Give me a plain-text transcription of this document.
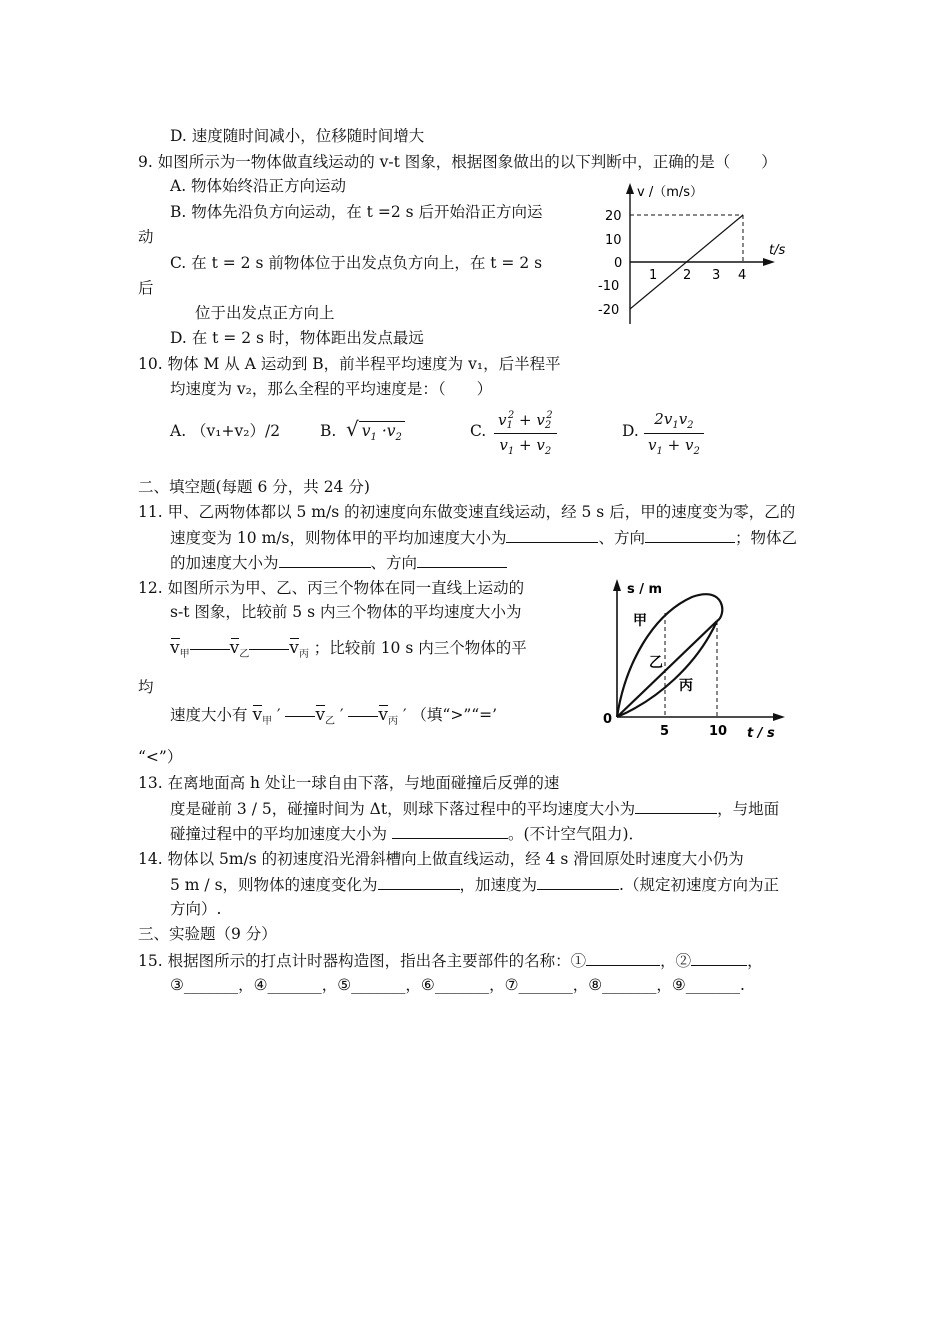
D. 速度随时间减小，位移随时间增大
9. 如图所示为一物体做直线运动的 v-t 图象，根据图象做出的以下判断中，正确的是（　　）
A. 物体始终沿正方向运动
B. 物体先沿负方向运动，在 t =2 s 后开始沿正方向运
动
C. 在 t = 2 s 前物体位于出发点负方向上，在 t = 2 s
后
位于出发点正方向上
D. 在 t = 2 s 时，物体距出发点最远
v /（m/s）
t/s
20
10
0
-10
-20
1 2 3 4
10. 物体 M 从 A 运动到 B，前半程平均速度为 v₁，后半程平
均速度为 v₂，那么全程的平均速度是：（　　）
A. （v₁+v₂）/2	B. √ $v_1 \cdot v_2$	C. $\frac{v_1^2 + v_2^2}{v_1 + v_2}$	D. $\frac{2v_1v_2}{v_1 + v_2}$
二、填空题(每题 6 分，共 24 分)
11. 甲、乙两物体都以 5 m/s 的初速度向东做变速直线运动，经 5 s 后，甲的速度变为零，乙的
速度变为 10 m/s，则物体甲的平均加速度大小为	、方向	；物体乙
的加速度大小为	、方向
12. 如图所示为甲、乙、丙三个物体在同一直线上运动的
s-t 图象，比较前 5 s 内三个物体的平均速度大小为
$v_甲$ $v_乙$ $v_丙$ ；比较前 10 s 内三个物体的平
均
速度大小有 $v_甲$ ′ $v_乙$ ′ $v_丙$ ′ （填“>”“=’
“<”）
s / m
t / s
0
5	10
甲
乙
丙
13. 在离地面高 h 处让一球自由下落，与地面碰撞后反弹的速
度是碰前 3 / 5，碰撞时间为 Δt，则球下落过程中的平均速度大小为	，与地面
碰撞过程中的平均加速度大小为	。(不计空气阻力)．
14. 物体以 5m/s 的初速度沿光滑斜槽向上做直线运动，经 4 s 滑回原处时速度大小仍为
5 m / s，则物体的速度变化为	，加速度为	.（规定初速度方向为正
方向）.
三、实验题（9 分）
15. 根据图所示的打点计时器构造图，指出各主要部件的名称：①	，②	，
③_______，④_______，⑤_______，⑥_______，⑦_______，⑧_______，⑨_______.
